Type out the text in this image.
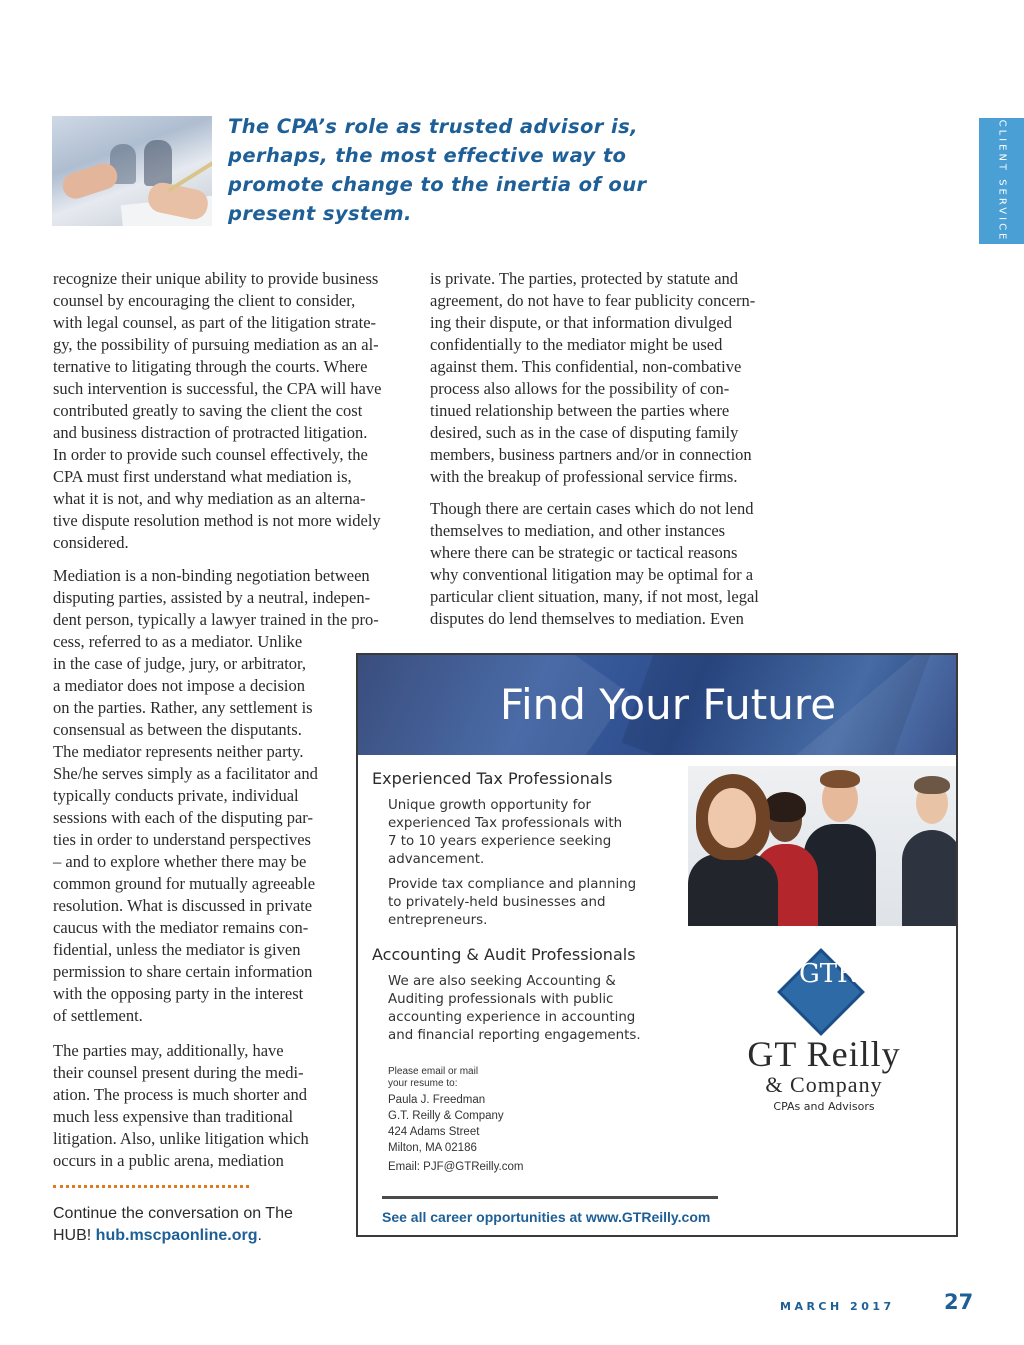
The CPA’s role as trusted advisor is,
perhaps, the most effective way to
promote change to the inertia of our
present system.	CLIENT SERVICE

recognize their unique ability to provide business
counsel by encouraging the client to consider,
with legal counsel, as part of the litigation strate-
gy, the possibility of pursuing mediation as an al-
ternative to litigating through the courts. Where
such intervention is successful, the CPA will have
contributed greatly to saving the client the cost
and business distraction of protracted litigation.
In order to provide such counsel effectively, the
CPA must first understand what mediation is,
what it is not, and why mediation as an alterna-
tive dispute resolution method is not more widely
considered.

Mediation is a non-binding negotiation between
disputing parties, assisted by a neutral, indepen-
dent person, typically a lawyer trained in the pro-

cess, referred to as a mediator. Unlike
in the case of judge, jury, or arbitrator,
a mediator does not impose a decision
on the parties. Rather, any settlement is
consensual as between the disputants.
The mediator represents neither party.
She/he serves simply as a facilitator and
typically conducts private, individual
sessions with each of the disputing par-
ties in order to understand perspectives
– and to explore whether there may be
common ground for mutually agreeable
resolution. What is discussed in private
caucus with the mediator remains con-
fidential, unless the mediator is given
permission to share certain information
with the opposing party in the interest
of settlement.

The parties may, additionally, have
their counsel present during the medi-
ation. The process is much shorter and
much less expensive than traditional
litigation. Also, unlike litigation which
occurs in a public arena, mediation

is private. The parties, protected by statute and
agreement, do not have to fear publicity concern-
ing their dispute, or that information divulged
confidentially to the mediator might be used
against them. This confidential, non-combative
process also allows for the possibility of con-
tinued relationship between the parties where
desired, such as in the case of disputing family
members, business partners and/or in connection
with the breakup of professional service firms.

Though there are certain cases which do not lend
themselves to mediation, and other instances
where there can be strategic or tactical reasons
why conventional litigation may be optimal for a
particular client situation, many, if not most, legal
disputes do lend themselves to mediation. Even

Continue the conversation on The
HUB! hub.mscpaonline.org.
Find Your Future
Experienced Tax Professionals
Unique growth opportunity for
experienced Tax professionals with
7 to 10 years experience seeking
advancement.
Provide tax compliance and planning
to privately-held businesses and
entrepreneurs.
Accounting & Audit Professionals
We are also seeking Accounting &
Auditing professionals with public
accounting experience in accounting
and financial reporting engagements.
Please email or mail
your resume to:
Paula J. Freedman
G.T. Reilly & Company
424 Adams Street
Milton, MA 02186
Email: PJF@GTReilly.com
GTR
GT Reilly
& Company
CPAs and Advisors
See all career opportunities at www.GTReilly.com
MARCH 2017 27
